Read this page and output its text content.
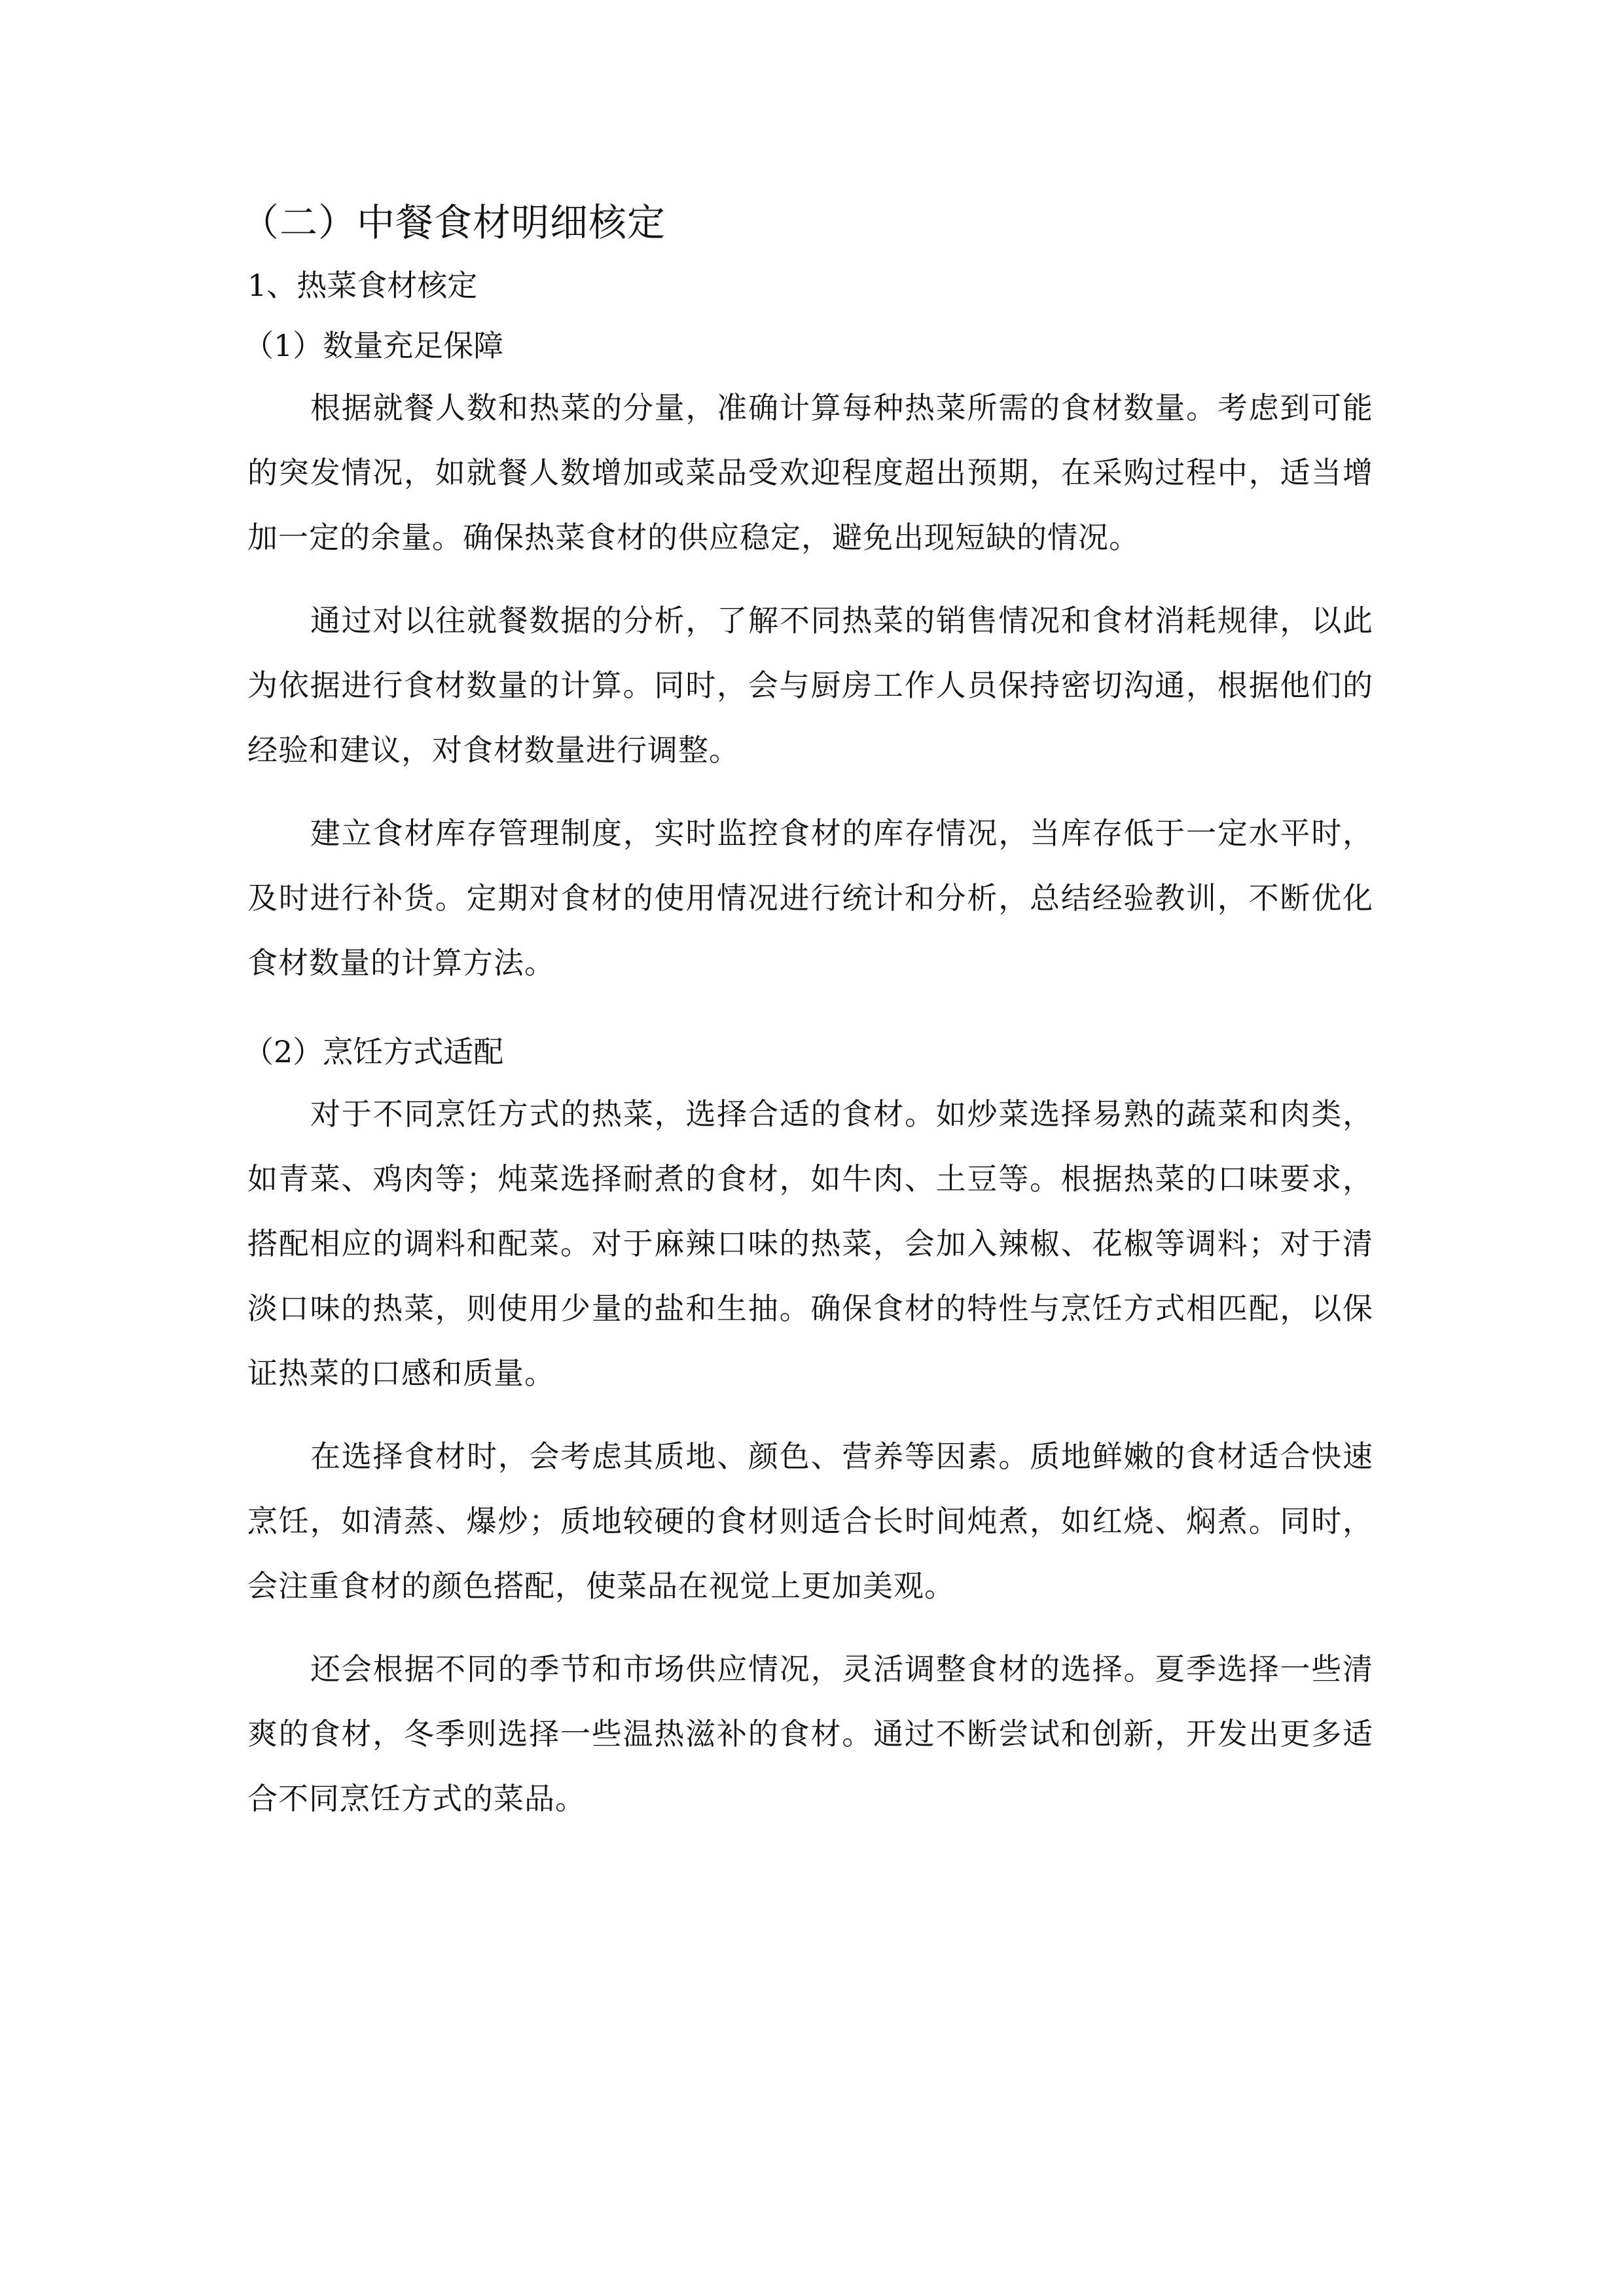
（二）中餐食材明细核定
1、热菜食材核定
（1）数量充足保障

根据就餐人数和热菜的分量，准确计算每种热菜所需的食材数量。考虑到可能的突发情况，如就餐人数增加或菜品受欢迎程度超出预期，在采购过程中，适当增加一定的余量。确保热菜食材的供应稳定，避免出现短缺的情况。

通过对以往就餐数据的分析，了解不同热菜的销售情况和食材消耗规律，以此为依据进行食材数量的计算。同时，会与厨房工作人员保持密切沟通，根据他们的经验和建议，对食材数量进行调整。

建立食材库存管理制度，实时监控食材的库存情况，当库存低于一定水平时，及时进行补货。定期对食材的使用情况进行统计和分析，总结经验教训，不断优化食材数量的计算方法。

（2）烹饪方式适配

对于不同烹饪方式的热菜，选择合适的食材。如炒菜选择易熟的蔬菜和肉类，如青菜、鸡肉等；炖菜选择耐煮的食材，如牛肉、土豆等。根据热菜的口味要求，搭配相应的调料和配菜。对于麻辣口味的热菜，会加入辣椒、花椒等调料；对于清淡口味的热菜，则使用少量的盐和生抽。确保食材的特性与烹饪方式相匹配，以保证热菜的口感和质量。

在选择食材时，会考虑其质地、颜色、营养等因素。质地鲜嫩的食材适合快速烹饪，如清蒸、爆炒；质地较硬的食材则适合长时间炖煮，如红烧、焖煮。同时，会注重食材的颜色搭配，使菜品在视觉上更加美观。

还会根据不同的季节和市场供应情况，灵活调整食材的选择。夏季选择一些清爽的食材，冬季则选择一些温热滋补的食材。通过不断尝试和创新，开发出更多适合不同烹饪方式的菜品。
